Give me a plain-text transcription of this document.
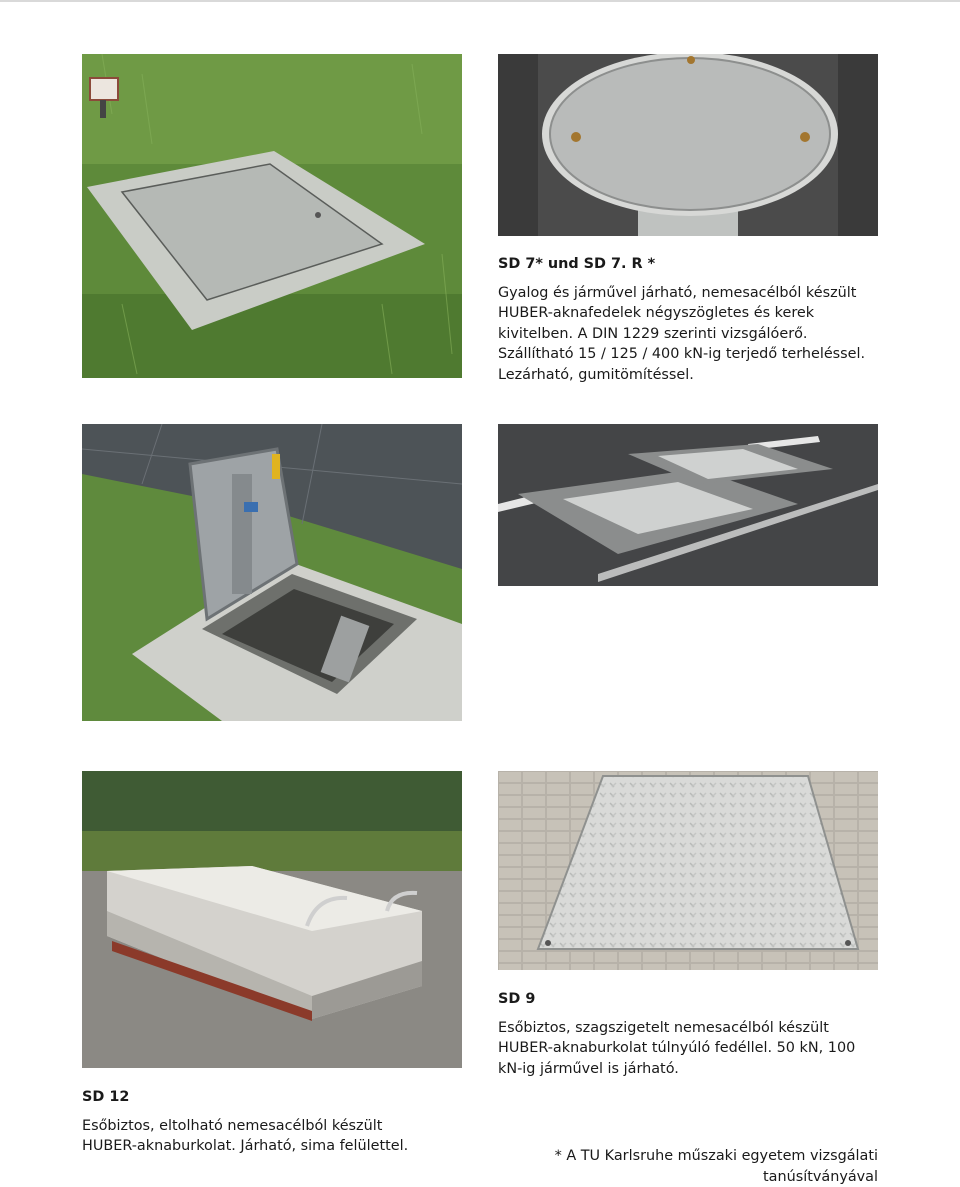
SD 7* und SD 7. R *
Gyalog és járművel járható, nemesacélból készült HUBER-aknafedelek négyszögletes és kerek kivitelben. A DIN 1229 szerinti vizsgálóerő. Szállítható 15 / 125 / 400 kN-ig terjedő terheléssel. Lezárható, gumitömítéssel.
SD 9
Esőbiztos, szagszigetelt nemesacélból készült HUBER-aknaburkolat túlnyúló fedéllel. 50 kN, 100 kN-ig járművel is járható.
SD 12
Esőbiztos, eltolható nemesacélból készült HUBER-aknaburkolat. Járható, sima felülettel.
* A TU Karlsruhe műszaki egyetem vizsgálati tanúsítványával
